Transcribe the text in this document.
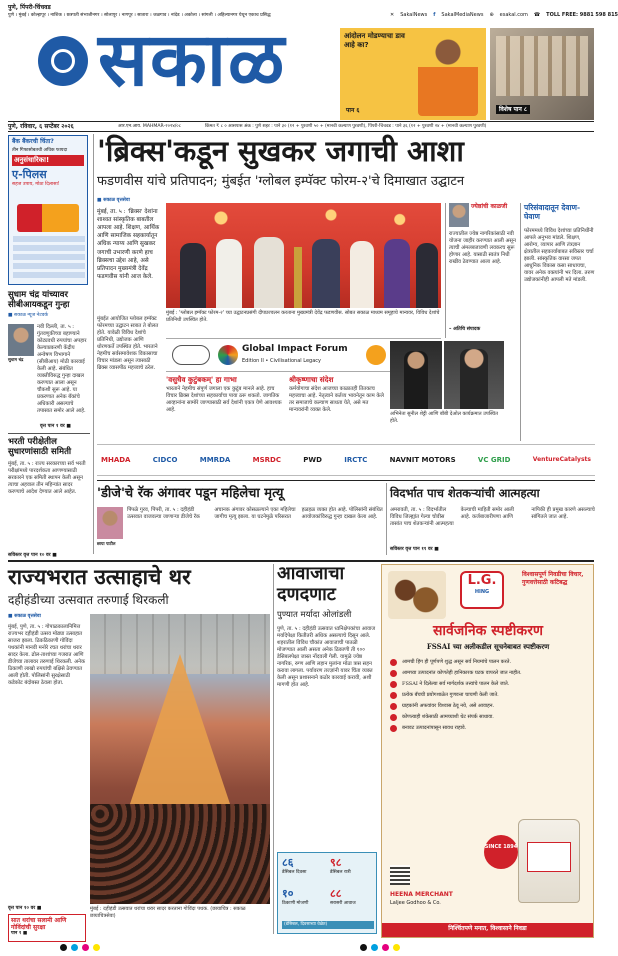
पुणे, पिंपरी-चिंचवड
पुणे । मुंबई । कोल्हापूर । नाशिक । छत्रपती संभाजीनगर । सोलापूर । नागपूर । सातारा । जळगाव । नांदेड । अकोला । सांगली । अहिल्यानगर येथून एकाच प्रसिद्ध	✕ SakalNews f SakalMediaNews ⊕ esakal.com ☎ TOLL FREE: 9881 598 815
सकाळ	आंदोलन मोडण्याचा डाव आहे का?
पान ६	विशेष पान ८
पुणे, रविवार, ६ सप्टेंबर २०२६	आर.एन.आय. MAHMAR-२०२४/०८	किंमत ₹ ८ ० आसपास अंक : पुणे शहर : पाने ३० (१२ + पुरवणी ५० + (मानवी कल्याण पुरवणी), पिंपरी-चिंचवड : पाने ३६ (१२ + पुरवणी २४ + (मानवी कल्याण पुरवणी)
बैंक बैंकरची चिंता?
तीन गिफ्टसोबतची अधिक फायदा
अनुसंधारिका!
ए-पिलस
सहज उपाय, मोठा दिलासा!
सुधाम चंद्र यांच्यावर सीबीआयकडून गुन्हा
■ सकाळ न्यूज नेटवर्क
सुधाम चंद्र
नवी दिल्ली, ता. ५ : गुंतवणुकीच्या बहाण्याने कोट्यवधी रुपयांचा अपहार केल्याप्रकरणी केंद्रीय अन्वेषण विभागाने (सीबीआय) मोठी कारवाई केली आहे. संबंधित व्यक्तीविरुद्ध गुन्हा दाखल करण्यात आला असून चौकशी सुरू आहे. या प्रकरणात अनेक बँकांचे अधिकारी असल्याचे तपासात समोर आले आहे.
वृत्त पान १ वर ■
भरती परीक्षेतील सुधारणांसाठी समिती
मुंबई, ता. ५ : राज्य सरकारच्या सर्व भरती परीक्षांमध्ये पारदर्शकता आणण्यासाठी सरकारने एक समिती स्थापन केली असून त्याचा अहवाल तीन महिन्यांत सादर करण्याचे आदेश देण्यात आले आहेत.
सविस्तर वृत्त पान १० वर ■
'ब्रिक्स'कडून सुखकर जगाची आशा
फडणवीस यांचे प्रतिपादन; मुंबईत 'ग्लोबल इम्पॅक्ट फोरम-२'चे दिमाखात उद्घाटन
■ सकाळ वृत्तसेवा
मुंबई, ता. ५ : 'ब्रिक्स' देशांना शाश्वत सांस्कृतिक बाबतील आपला आहे. शिक्षण, आर्थिक आणि सामाजिक सहकार्यातून अधिक न्याय्य आणि सुखकर जगाची उभारणी करणे हाच ब्रिक्सचा उद्देश आहे, असे प्रतिपादन मुख्यमंत्री देवेंद्र फडणवीस यांनी आज केले.
मुंबईत आयोजित ग्लोबल इम्पॅक्ट फोरमच्या उद्घाटन सत्रात ते बोलत होते. यावेळी विविध देशांचे प्रतिनिधी, उद्योजक आणि धोरणकर्ते उपस्थित होते. भारताने नेहमीच सर्वसमावेशक विकासाचा विचार मांडला असून त्यासाठी ब्रिक्स व्यासपीठ महत्त्वाचे ठरेल.
मुंबई : 'ग्लोबल इम्पॅक्ट फोरम-२' च्या उद्घाटनप्रसंगी दीपप्रज्वलन करताना मुख्यमंत्री देवेंद्र फडणवीस. सोबत सकाळ माध्यम समूहाचे मान्यवर, विविध देशांचे प्रतिनिधी उपस्थित होते.
Global Impact Forum
Edition II • Civilisational Legacy
'वसुधैव कुटुंबकम्' हा गाभा
भारताने नेहमीच संपूर्ण जगाला एक कुटुंब मानले आहे. हाच विचार ब्रिक्स देशांच्या सहकार्याचा पाया ठरू शकतो. जागतिक आव्हानांना सामोरे जाण्यासाठी सर्व देशांनी एकत्र येणे आवश्यक आहे.
श्रीकृष्णाचा संदेश
कर्मयोगाचा संदेश आजच्या काळातही तितकाच महत्त्वाचा आहे. नेतृत्वाने कर्तव्य भावनेतून काम केले तर समाजाचे कल्याण साधता येते, असे मत मान्यवरांनी व्यक्त केले.
अभिनेता सुनील शेट्टी आणि बॉबी देओल कार्यक्रमात उपस्थित होते.
MHADA	CIDCO	MMRDA	MSRDC	PWD	IRCTC	NAVNIT MOTORS	VC GRID	VentureCatalysts
ज्येष्ठांची काळजी
राज्यातील ज्येष्ठ नागरिकांसाठी नवी योजना जाहीर करण्यात आली असून त्याची अंमलबजावणी लवकरच सुरू होणार आहे. यासाठी स्वतंत्र निधी राखीव ठेवण्यात आला आहे.
– अतिथि संपादक
परिसंवादातून देवाण-घेवाण
फोरममध्ये विविध देशांच्या प्रतिनिधींनी आपले अनुभव मांडले. शिक्षण, आरोग्य, व्यापार आणि तंत्रज्ञान क्षेत्रातील सहकार्याबाबत सविस्तर चर्चा झाली. सांस्कृतिक वारसा जपत आधुनिक विकास कसा साधायचा, यावर अनेक वक्त्यांनी भर दिला. तरुण उद्योजकांनीही आपली मते मांडली.
'डीजे'चे रॅक अंगावर पडून महिलेचा मृत्यू
छाया पाटील
पिंपळे गुरव, पिंपरी, ता. ५ : दहीहंडी उत्सवात वाजवल्या जाणाऱ्या डीजेचे रॅक अचानक अंगावर कोसळल्याने एका महिलेचा जागीच मृत्यू झाला. या घटनेमुळे परिसरात हळहळ व्यक्त होत आहे. पोलिसांनी संबंधित आयोजकांविरुद्ध गुन्हा दाखल केला आहे.
विदर्भात पाच शेतकऱ्यांची आत्महत्या
अमरावती, ता. ५ : विदर्भातील विविध जिल्ह्यांत गेल्या चोवीस तासांत पाच शेतकऱ्यांनी आत्महत्या केल्याची माहिती समोर आली आहे. कर्जबाजारीपणा आणि नापिकी ही प्रमुख कारणे असल्याचे सांगितले जात आहे.
सविस्तर वृत्त पान ११ वर ■
राज्यभरात उत्साहाचे थर
दहीहंडीच्या उत्सवात तरुणाई थिरकली
■ सकाळ वृत्तसेवा
मुंबई, पुणे, ता. ५ : गोपाळकालानिमित्त राज्यभर दहीहंडी उत्सव मोठ्या उत्साहात साजरा झाला. ठिकठिकाणी गोविंदा पथकांनी मानवी मनोरे रचत थरांचा थरार सादर केला. ढोल-ताशांच्या गजरात आणि डीजेच्या तालावर तरुणाई थिरकली. अनेक ठिकाणी लाखो रुपयांची बक्षिसे ठेवण्यात आली होती. पोलिसांनी सुरक्षेसाठी कडेकोट बंदोबस्त ठेवला होता.
वृत्त पान १० वर ■
सात थरांचा सलामी आणि गोविंदांची सुरक्षा
पान १ ■
मुंबई : दहीहंडी उत्सवात थरांचा थरार सादर करताना गोविंदा पथक. (छायाचित्र : सकाळ छायाचित्रसेवा)
आवाजाचा दणदणाट
पुण्यात मर्यादा ओलांडली
पुणे, ता. ५ : दहीहंडी उत्सवात ध्वनिक्षेपकांचा आवाज मर्यादेपेक्षा कितीतरी अधिक असल्याचे दिसून आले. शहरातील विविध चौकांत आवाजाची पातळी मोजण्यात आली असता अनेक ठिकाणी ती १०० डेसिबलपेक्षा जास्त नोंदवली गेली. यामुळे ज्येष्ठ नागरिक, रुग्ण आणि लहान मुलांना मोठा त्रास सहन करावा लागला. पर्यावरण तज्ज्ञांनी यावर चिंता व्यक्त केली असून प्रशासनाने कठोर कारवाई करावी, अशी मागणी होत आहे.
८६
डेसिबल दिवसा
९८
डेसिबल रात्री
१०
ठिकाणी मोजणी
८८
सरासरी आवाज
(डेसिबल, दिवसाच्या वेळेत)
L.G.
HING
विश्वासपूर्ण निवडीचा विचार, गुणवत्तेसाठी कटिबद्ध
सार्वजनिक स्पष्टीकरण
FSSAI च्या अलीकडील सूचनेबाबत स्पष्टीकरण
आमची हिंग ही पूर्णपणे शुद्ध असून सर्व नियमांचे पालन करते.
आमच्या उत्पादनांत कोणतेही हानिकारक घटक वापरले जात नाहीत.
FSSAI ने दिलेल्या सर्व मार्गदर्शक तत्त्वांचे पालन केले जाते.
प्रत्येक बॅचची प्रयोगशाळेत गुणवत्ता चाचणी केली जाते.
ग्राहकांनी अफवांवर विश्वास ठेवू नये, असे आवाहन.
कोणत्याही शंकेसाठी आमच्याशी थेट संपर्क साधावा.
बनावट उत्पादनांपासून सावध राहावे.
SINCE 1894
HEENA MERCHANT
Laljee Godhoo & Co.
निश्चिंतपणे मनात, विश्वासाने निवडा
